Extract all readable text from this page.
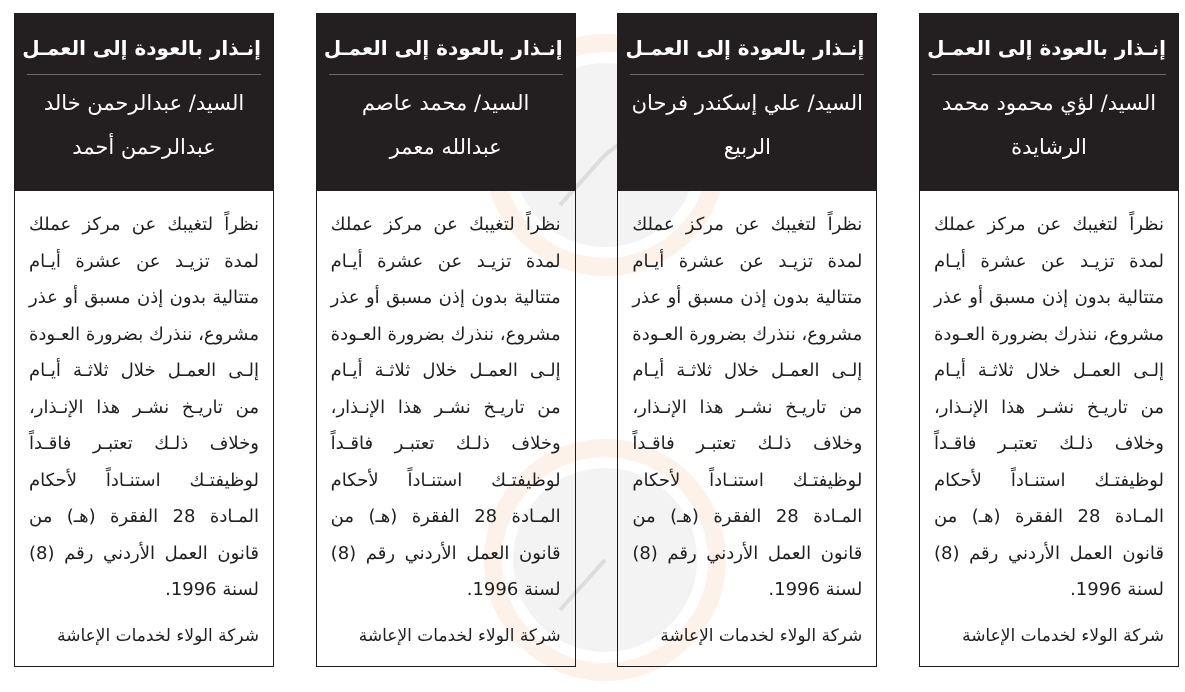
إنـذار بالعودة إلى العمـل
السيد/ لؤي محمود محمد الرشايدة
نظراً لتغيبك عن مركز عملك لمدة تزيـد عن عشرة أيـام متتالية بدون إذن مسبق أو عذر مشروع، ننذرك بضرورة العـودة إلـى العمـل خلال ثلاثـة أيـام من تاريـخ نشـر هذا الإنـذار، وخلاف ذلـك تعتبـر فاقـداً لوظيفتـك استنـاداً لأحكام المـادة 28 الفقرة (هـ) من قانون العمل الأردني رقم (8) لسنة 1996.
شركة الولاء لخدمات الإعاشة
إنـذار بالعودة إلى العمـل
السيد/ علي إسكندر فرحان الربيع
نظراً لتغيبك عن مركز عملك لمدة تزيـد عن عشرة أيـام متتالية بدون إذن مسبق أو عذر مشروع، ننذرك بضرورة العـودة إلـى العمـل خلال ثلاثـة أيـام من تاريـخ نشـر هذا الإنـذار، وخلاف ذلـك تعتبـر فاقـداً لوظيفتـك استنـاداً لأحكام المـادة 28 الفقرة (هـ) من قانون العمل الأردني رقم (8) لسنة 1996.
شركة الولاء لخدمات الإعاشة
إنـذار بالعودة إلى العمـل
السيد/ محمد عاصم عبدالله معمر
نظراً لتغيبك عن مركز عملك لمدة تزيـد عن عشرة أيـام متتالية بدون إذن مسبق أو عذر مشروع، ننذرك بضرورة العـودة إلـى العمـل خلال ثلاثـة أيـام من تاريـخ نشـر هذا الإنـذار، وخلاف ذلـك تعتبـر فاقـداً لوظيفتـك استنـاداً لأحكام المـادة 28 الفقرة (هـ) من قانون العمل الأردني رقم (8) لسنة 1996.
شركة الولاء لخدمات الإعاشة
إنـذار بالعودة إلى العمـل
السيد/ عبدالرحمن خالد عبدالرحمن أحمد
نظراً لتغيبك عن مركز عملك لمدة تزيـد عن عشرة أيـام متتالية بدون إذن مسبق أو عذر مشروع، ننذرك بضرورة العـودة إلـى العمـل خلال ثلاثـة أيـام من تاريـخ نشـر هذا الإنـذار، وخلاف ذلـك تعتبـر فاقـداً لوظيفتـك استنـاداً لأحكام المـادة 28 الفقرة (هـ) من قانون العمل الأردني رقم (8) لسنة 1996.
شركة الولاء لخدمات الإعاشة
